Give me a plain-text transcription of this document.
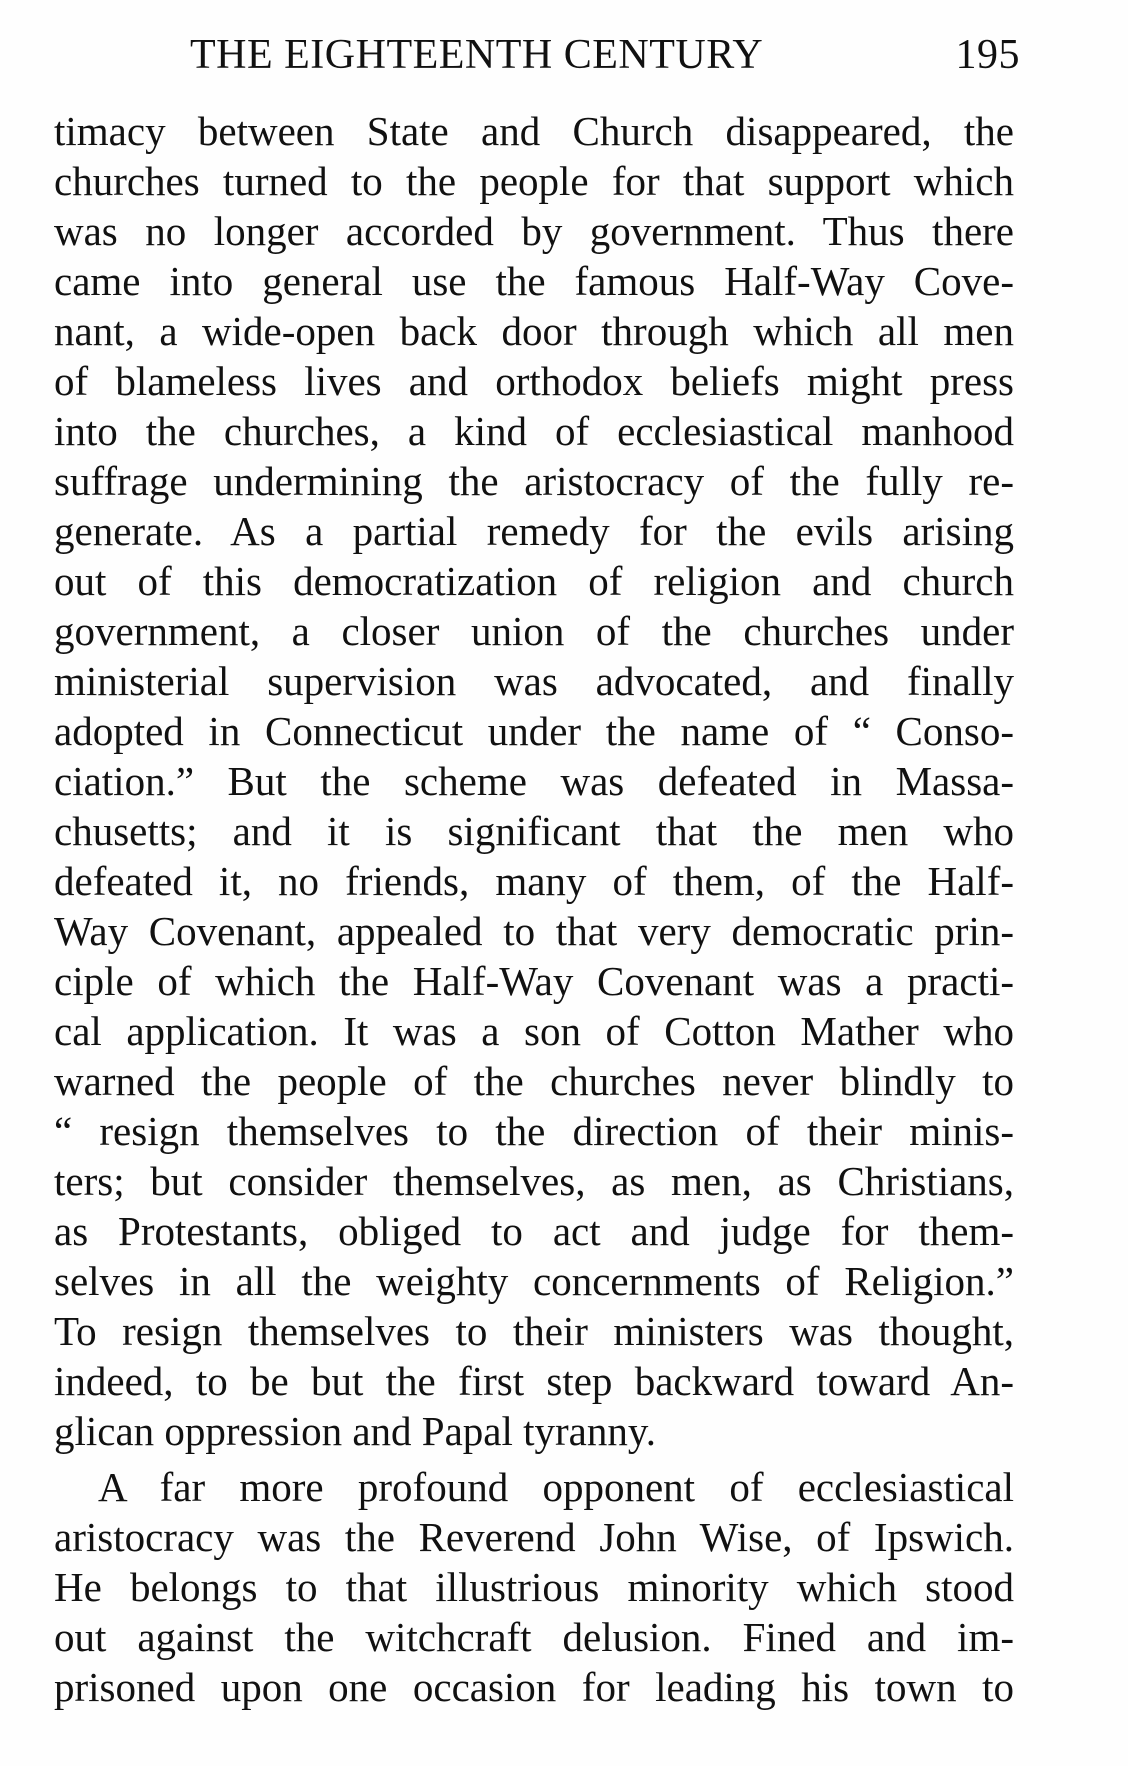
THE EIGHTEENTH CENTURY	195
timacy between State and Church disappeared, the
churches turned to the people for that support which
was no longer accorded by government. Thus there
came into general use the famous Half-Way Cove-
nant, a wide-open back door through which all men
of blameless lives and orthodox beliefs might press
into the churches, a kind of ecclesiastical manhood
suffrage undermining the aristocracy of the fully re-
generate. As a partial remedy for the evils arising
out of this democratization of religion and church
government, a closer union of the churches under
ministerial supervision was advocated, and finally
adopted in Connecticut under the name of “ Conso-
ciation.” But the scheme was defeated in Massa-
chusetts; and it is significant that the men who
defeated it, no friends, many of them, of the Half-
Way Covenant, appealed to that very democratic prin-
ciple of which the Half-Way Covenant was a practi-
cal application. It was a son of Cotton Mather who
warned the people of the churches never blindly to
“ resign themselves to the direction of their minis-
ters; but consider themselves, as men, as Christians,
as Protestants, obliged to act and judge for them-
selves in all the weighty concernments of Religion.”
To resign themselves to their ministers was thought,
indeed, to be but the first step backward toward An-
glican oppression and Papal tyranny.
A far more profound opponent of ecclesiastical
aristocracy was the Reverend John Wise, of Ipswich.
He belongs to that illustrious minority which stood
out against the witchcraft delusion. Fined and im-
prisoned upon one occasion for leading his town to
